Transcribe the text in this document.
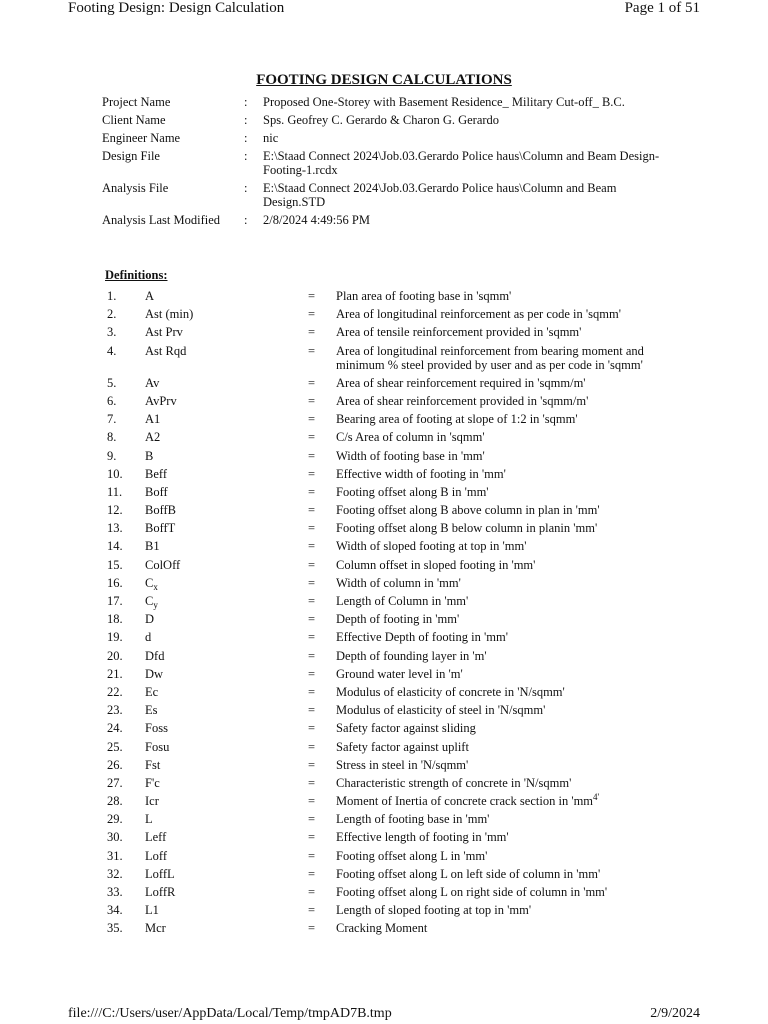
Footing Design: Design Calculation	Page 1 of 51
FOOTING DESIGN CALCULATIONS
Project Name	:	Proposed One-Storey with Basement Residence_ Military Cut-off_ B.C.
Client Name	:	Sps. Geofrey C. Gerardo & Charon G. Gerardo
Engineer Name	:	nic
Design File	:	E:\Staad Connect 2024\Job.03.Gerardo Police haus\Column and Beam Design-Footing-1.rcdx
Analysis File	:	E:\Staad Connect 2024\Job.03.Gerardo Police haus\Column and Beam Design.STD
Analysis Last Modified	:	2/8/2024 4:49:56 PM
Definitions:
1.	A	=	Plan area of footing base in 'sqmm'
2.	Ast (min)	=	Area of longitudinal reinforcement as per code in 'sqmm'
3.	Ast Prv	=	Area of tensile reinforcement provided in 'sqmm'
4.	Ast Rqd	=	Area of longitudinal reinforcement from bearing moment and minimum % steel provided by user and as per code in 'sqmm'
5.	Av	=	Area of shear reinforcement required in 'sqmm/m'
6.	AvPrv	=	Area of shear reinforcement provided in 'sqmm/m'
7.	A1	=	Bearing area of footing at slope of 1:2 in 'sqmm'
8.	A2	=	C/s Area of column in 'sqmm'
9.	B	=	Width of footing base in 'mm'
10.	Beff	=	Effective width of footing in 'mm'
11.	Boff	=	Footing offset along B in 'mm'
12.	BoffB	=	Footing offset along B above column in plan in 'mm'
13.	BoffT	=	Footing offset along B below column in planin 'mm'
14.	B1	=	Width of sloped footing at top in 'mm'
15.	ColOff	=	Column offset in sloped footing in 'mm'
16.	$C_x$	=	Width of column in 'mm'
17.	$C_y$	=	Length of Column in 'mm'
18.	D	=	Depth of footing in 'mm'
19.	d	=	Effective Depth of footing in 'mm'
20.	Dfd	=	Depth of founding layer in 'm'
21.	Dw	=	Ground water level in 'm'
22.	Ec	=	Modulus of elasticity of concrete in 'N/sqmm'
23.	Es	=	Modulus of elasticity of steel in 'N/sqmm'
24.	Foss	=	Safety factor against sliding
25.	Fosu	=	Safety factor against uplift
26.	Fst	=	Stress in steel in 'N/sqmm'
27.	F'c	=	Characteristic strength of concrete in 'N/sqmm'
28.	Icr	=	Moment of Inertia of concrete crack section in '$mm^{4'}$
29.	L	=	Length of footing base in 'mm'
30.	Leff	=	Effective length of footing in 'mm'
31.	Loff	=	Footing offset along L in 'mm'
32.	LoffL	=	Footing offset along L on left side of column in 'mm'
33.	LoffR	=	Footing offset along L on right side of column in 'mm'
34.	L1	=	Length of sloped footing at top in 'mm'
35.	Mcr	=	Cracking Moment
file:///C:/Users/user/AppData/Local/Temp/tmpAD7B.tmp	2/9/2024
